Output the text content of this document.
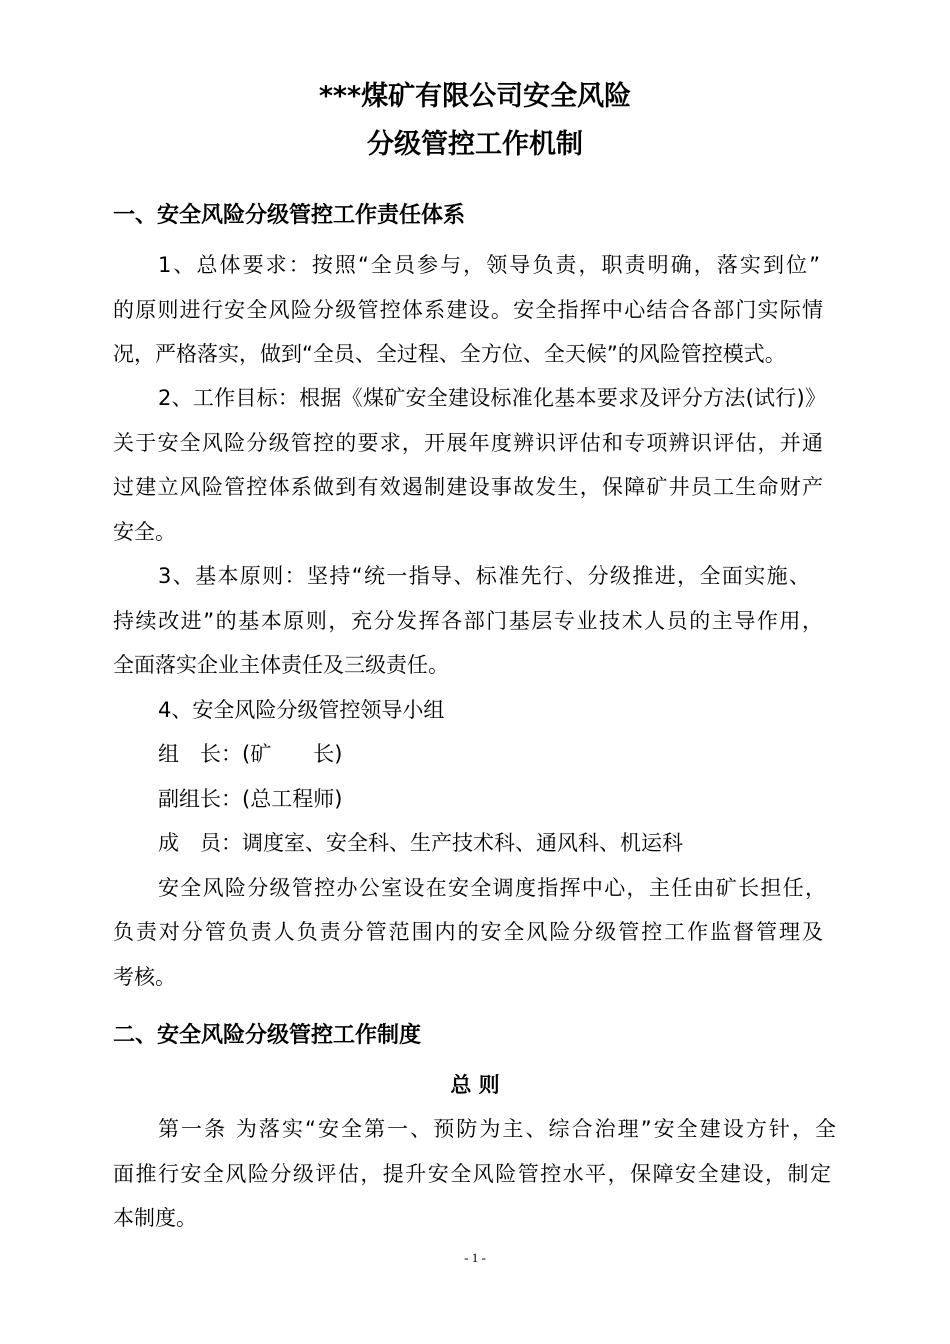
***煤矿有限公司安全风险
分级管控工作机制
一、安全风险分级管控工作责任体系
1、总体要求：按照“全员参与，领导负责，职责明确，落实到位”
的原则进行安全风险分级管控体系建设。安全指挥中心结合各部门实际情
况，严格落实，做到“全员、全过程、全方位、全天候”的风险管控模式。
2、工作目标：根据《煤矿安全建设标准化基本要求及评分方法(试行)》
关于安全风险分级管控的要求，开展年度辨识评估和专项辨识评估，并通
过建立风险管控体系做到有效遏制建设事故发生，保障矿井员工生命财产
安全。
3、基本原则：坚持“统一指导、标准先行、分级推进，全面实施、
持续改进”的基本原则，充分发挥各部门基层专业技术人员的主导作用，
全面落实企业主体责任及三级责任。
4、安全风险分级管控领导小组
组　长：(矿　　长)
副组长：(总工程师)
成　员：调度室、安全科、生产技术科、通风科、机运科
安全风险分级管控办公室设在安全调度指挥中心，主任由矿长担任，
负责对分管负责人负责分管范围内的安全风险分级管控工作监督管理及
考核。
二、安全风险分级管控工作制度
总 则
第一条 为落实“安全第一、预防为主、综合治理”安全建设方针，全
面推行安全风险分级评估，提升安全风险管控水平，保障安全建设，制定
本制度。
- 1 -
